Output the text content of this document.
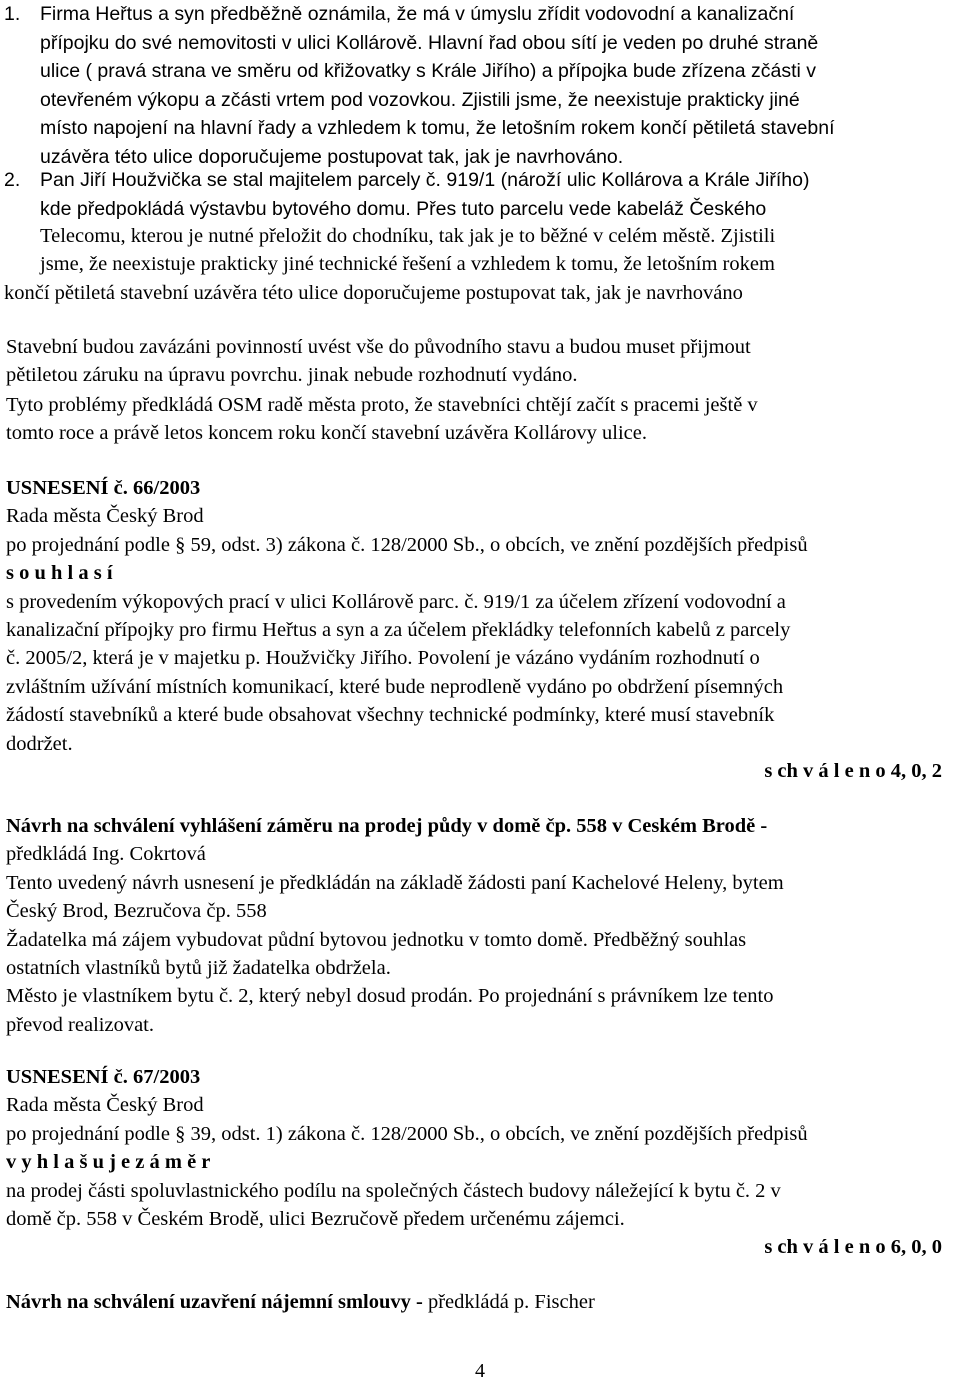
1. Firma Heřtus a syn předběžně oznámila, že má v úmyslu zřídit vodovodní a kanalizační
přípojku do své nemovitosti v ulici Kollárově. Hlavní řad obou sítí je veden po druhé straně
ulice ( pravá strana ve směru od křižovatky s Krále Jiřího) a přípojka bude zřízena zčásti v
otevřeném výkopu a zčásti vrtem pod vozovkou. Zjistili jsme, že neexistuje prakticky jiné
místo napojení na hlavní řady a vzhledem k tomu, že letošním rokem končí pětiletá stavební
uzávěra této ulice doporučujeme postupovat tak, jak je navrhováno.
2. Pan Jiří Houžvička se stal majitelem parcely č. 919/1 (nároží ulic Kollárova a Krále Jiřího)
kde předpokládá výstavbu bytového domu. Přes tuto parcelu vede kabeláž Českého
Telecomu, kterou je nutné přeložit do chodníku, tak jak je to běžné v celém městě. Zjistili
jsme, že neexistuje prakticky jiné technické řešení a vzhledem k tomu, že letošním rokem
končí pětiletá stavební uzávěra této ulice doporučujeme postupovat tak, jak je navrhováno
Stavební budou zavázáni povinností uvést vše do původního stavu a budou muset přijmout
pětiletou záruku na úpravu povrchu. jinak nebude rozhodnutí vydáno.
Tyto problémy předkládá OSM radě města proto, že stavebníci chtějí začít s pracemi ještě v
tomto roce a právě letos koncem roku končí stavební uzávěra Kollárovy ulice.
USNESENÍ č. 66/2003
Rada města Český Brod
po projednání podle § 59, odst. 3) zákona č. 128/2000 Sb., o obcích, ve znění pozdějších předpisů
s o u h l a s í
s provedením výkopových prací v ulici Kollárově parc. č. 919/1 za účelem zřízení vodovodní a
kanalizační přípojky pro firmu Heřtus a syn a za účelem překládky telefonních kabelů z parcely
č. 2005/2, která je v majetku p. Houžvičky Jiřího. Povolení je vázáno vydáním rozhodnutí o
zvláštním užívání místních komunikací, které bude neprodleně vydáno po obdržení písemných
žádostí stavebníků a které bude obsahovat všechny technické podmínky, které musí stavebník
dodržet.
s ch v á l e n o 4, 0, 2
Návrh na schválení vyhlášení záměru na prodej půdy v domě čp. 558 v Ceském Brodě -
předkládá Ing. Cokrtová
Tento uvedený návrh usnesení je předkládán na základě žádosti paní Kachelové Heleny, bytem
Český Brod, Bezručova čp. 558
Žadatelka má zájem vybudovat půdní bytovou jednotku v tomto domě. Předběžný souhlas
ostatních vlastníků bytů již žadatelka obdržela.
Město je vlastníkem bytu č. 2, který nebyl dosud prodán. Po projednání s právníkem lze tento
převod realizovat.
USNESENÍ č. 67/2003
Rada města Český Brod
po projednání podle § 39, odst. 1) zákona č. 128/2000 Sb., o obcích, ve znění pozdějších předpisů
v y h l a š u j e z á m ě r
na prodej části spoluvlastnického podílu na společných částech budovy náležející k bytu č. 2 v
domě čp. 558 v Českém Brodě, ulici Bezručově předem určenému zájemci.
s ch v á l e n o 6, 0, 0
Návrh na schválení uzavření nájemní smlouvy - předkládá p. Fischer
4
